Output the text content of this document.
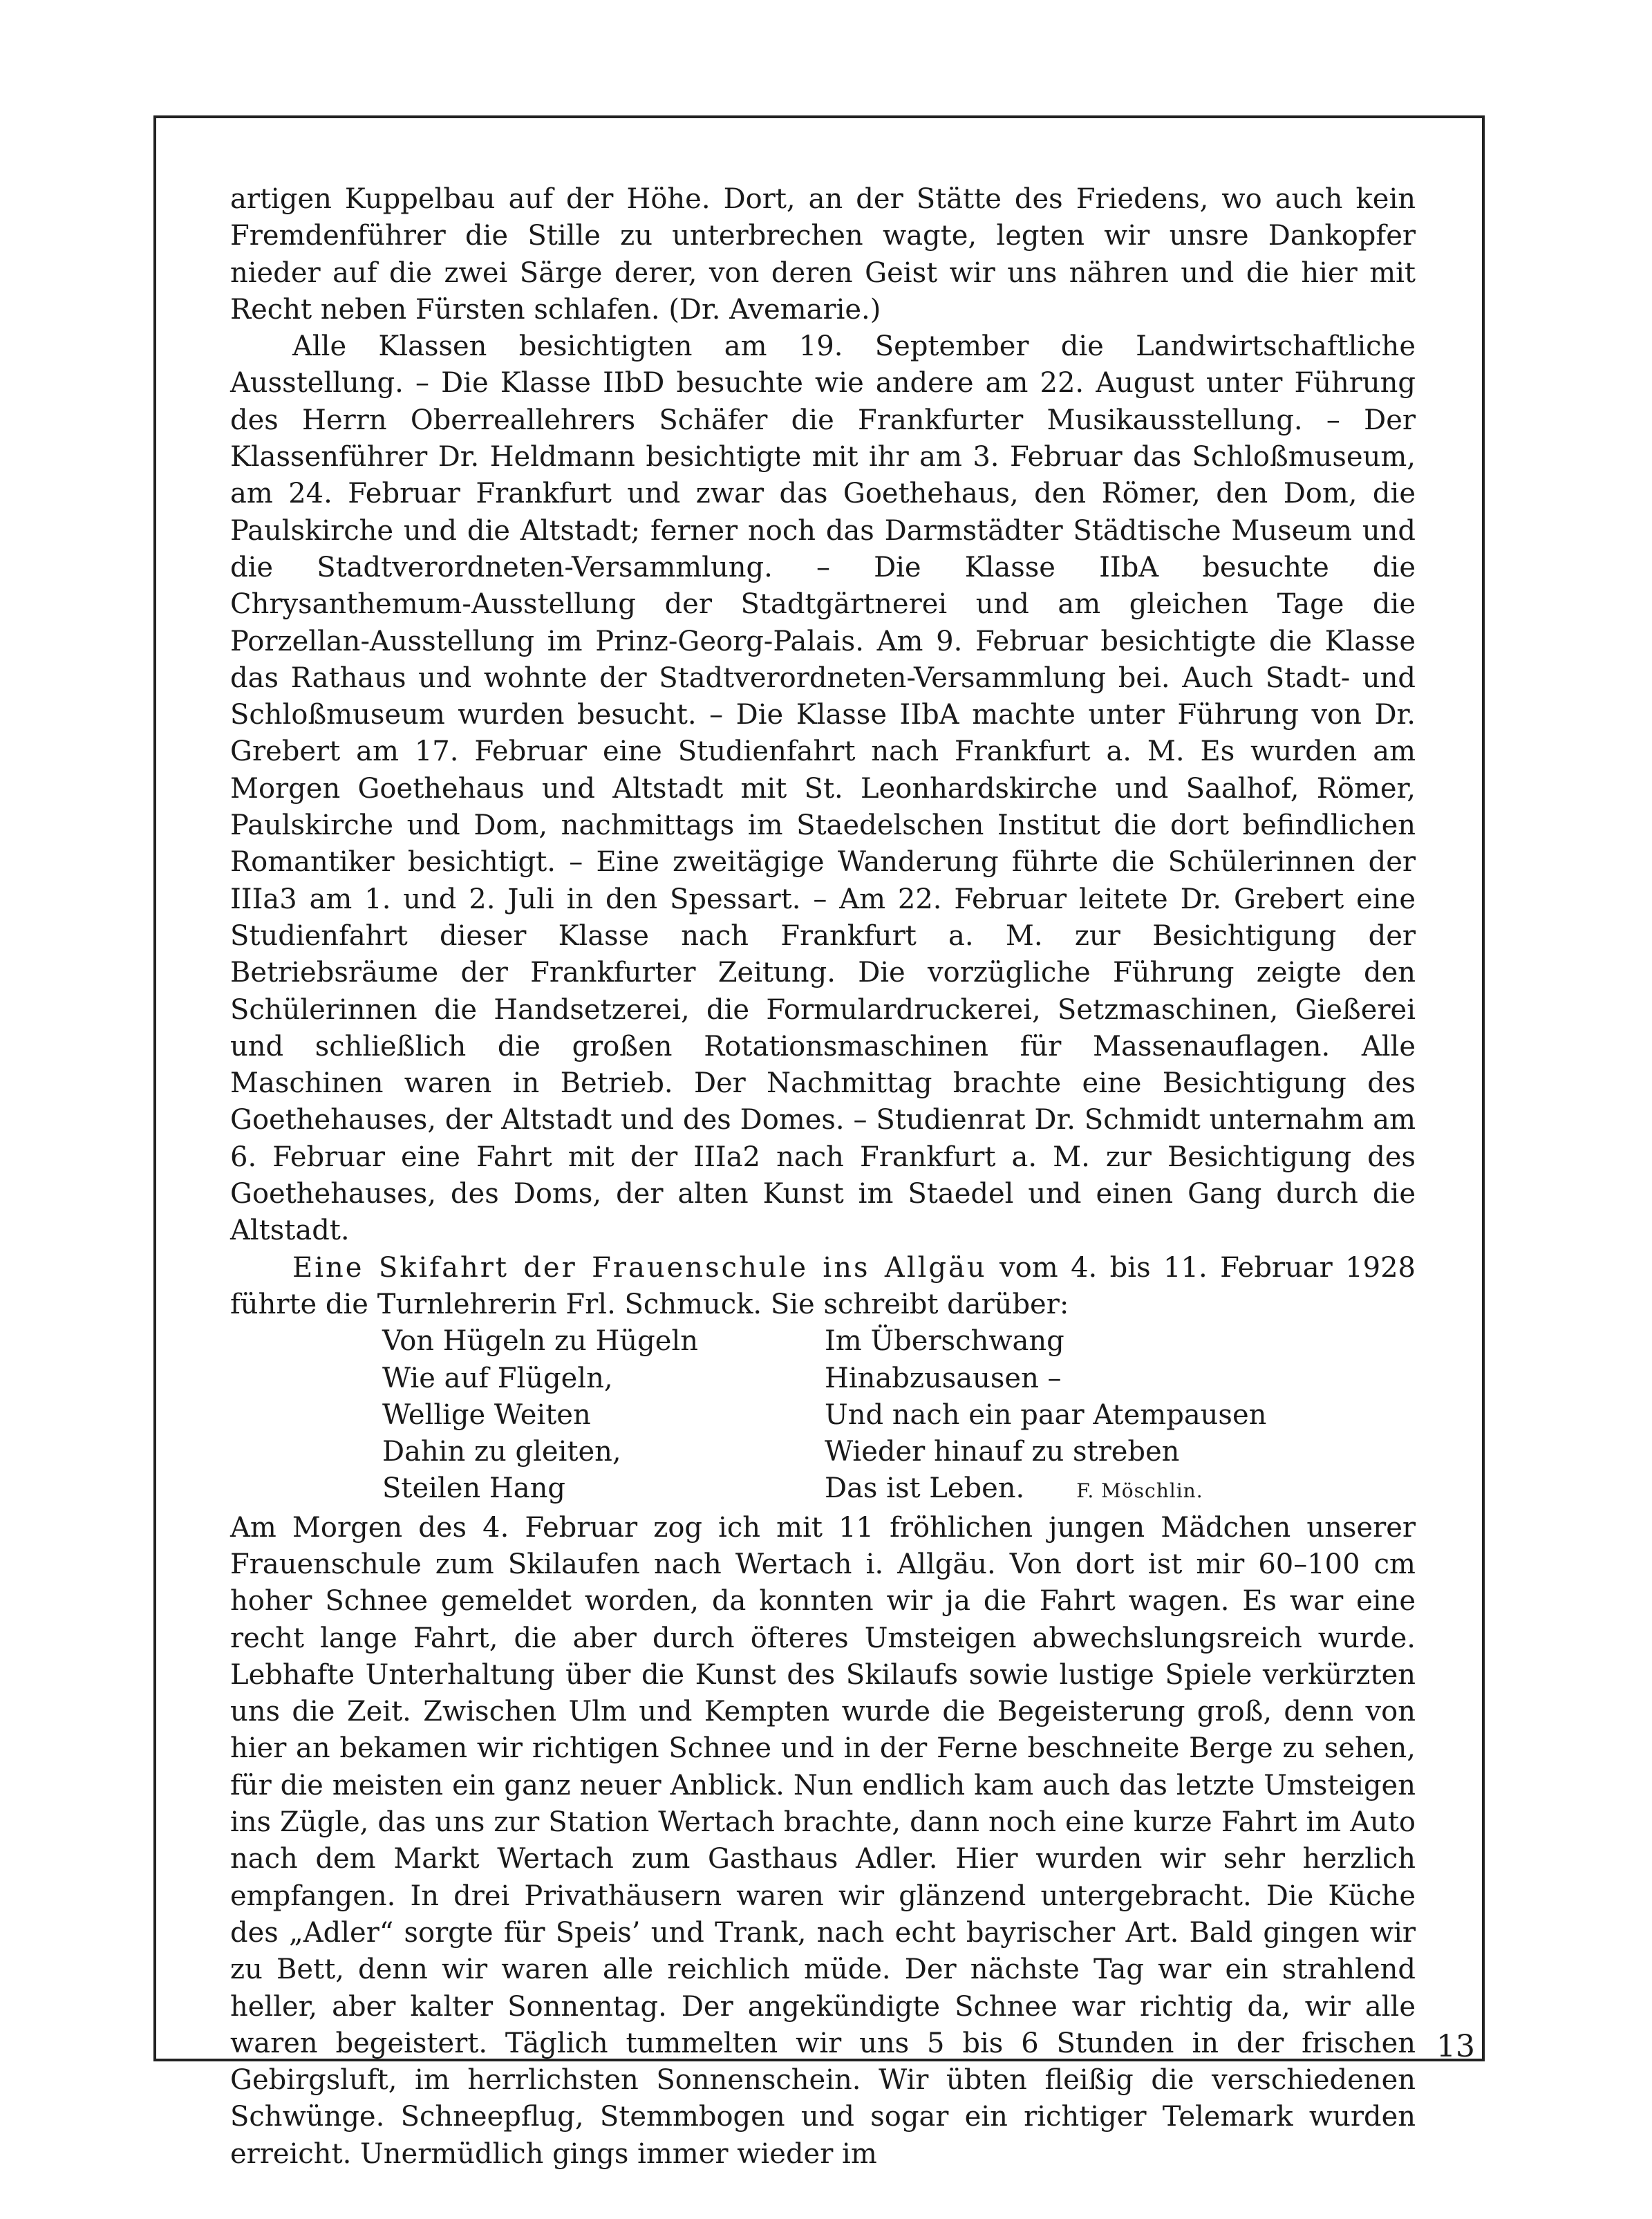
artigen Kuppelbau auf der Höhe. Dort, an der Stätte des Friedens, wo auch kein Fremdenführer die Stille zu unterbrechen wagte, legten wir unsre Dankopfer nieder auf die zwei Särge derer, von deren Geist wir uns nähren und die hier mit Recht neben Fürsten schlafen. (Dr. Avemarie.)

Alle Klassen besichtigten am 19. September die Landwirtschaftliche Ausstellung. – Die Klasse IIbD besuchte wie andere am 22. August unter Führung des Herrn Oberreallehrers Schäfer die Frankfurter Musikausstellung. – Der Klassenführer Dr. Heldmann besichtigte mit ihr am 3. Februar das Schloßmuseum, am 24. Februar Frankfurt und zwar das Goethehaus, den Römer, den Dom, die Paulskirche und die Altstadt; ferner noch das Darmstädter Städtische Museum und die Stadtverordneten-Versammlung. – Die Klasse IIbA besuchte die Chrysanthemum-Ausstellung der Stadtgärtnerei und am gleichen Tage die Porzellan-Ausstellung im Prinz-Georg-Palais. Am 9. Februar besichtigte die Klasse das Rathaus und wohnte der Stadtverordneten-Versammlung bei. Auch Stadt- und Schloßmuseum wurden besucht. – Die Klasse IIbA machte unter Führung von Dr. Grebert am 17. Februar eine Studienfahrt nach Frankfurt a. M. Es wurden am Morgen Goethehaus und Altstadt mit St. Leonhardskirche und Saalhof, Römer, Paulskirche und Dom, nachmittags im Staedelschen Institut die dort befindlichen Romantiker besichtigt. – Eine zweitägige Wanderung führte die Schülerinnen der IIIa3 am 1. und 2. Juli in den Spessart. – Am 22. Februar leitete Dr. Grebert eine Studienfahrt dieser Klasse nach Frankfurt a. M. zur Besichtigung der Betriebsräume der Frankfurter Zeitung. Die vorzügliche Führung zeigte den Schülerinnen die Handsetzerei, die Formulardruckerei, Setzmaschinen, Gießerei und schließlich die großen Rotationsmaschinen für Massenauflagen. Alle Maschinen waren in Betrieb. Der Nachmittag brachte eine Besichtigung des Goethehauses, der Altstadt und des Domes. – Studienrat Dr. Schmidt unternahm am 6. Februar eine Fahrt mit der IIIa2 nach Frankfurt a. M. zur Besichtigung des Goethehauses, des Doms, der alten Kunst im Staedel und einen Gang durch die Altstadt.

Eine Skifahrt der Frauenschule ins Allgäu vom 4. bis 11. Februar 1928 führte die Turnlehrerin Frl. Schmuck. Sie schreibt darüber:

Von Hügeln zu Hügeln
Wie auf Flügeln,
Wellige Weiten
Dahin zu gleiten,
Steilen Hang
Im Überschwang
Hinabzusausen –
Und nach ein paar Atempausen
Wieder hinauf zu streben
Das ist Leben.	F. Möschlin.

Am Morgen des 4. Februar zog ich mit 11 fröhlichen jungen Mädchen unserer Frauenschule zum Skilaufen nach Wertach i. Allgäu. Von dort ist mir 60–100 cm hoher Schnee gemeldet worden, da konnten wir ja die Fahrt wagen. Es war eine recht lange Fahrt, die aber durch öfteres Umsteigen abwechslungsreich wurde. Lebhafte Unterhaltung über die Kunst des Skilaufs sowie lustige Spiele verkürzten uns die Zeit. Zwischen Ulm und Kempten wurde die Begeisterung groß, denn von hier an bekamen wir richtigen Schnee und in der Ferne beschneite Berge zu sehen, für die meisten ein ganz neuer Anblick. Nun endlich kam auch das letzte Umsteigen ins Zügle, das uns zur Station Wertach brachte, dann noch eine kurze Fahrt im Auto nach dem Markt Wertach zum Gasthaus Adler. Hier wurden wir sehr herzlich empfangen. In drei Privathäusern waren wir glänzend untergebracht. Die Küche des „Adler“ sorgte für Speis’ und Trank, nach echt bayrischer Art. Bald gingen wir zu Bett, denn wir waren alle reichlich müde. Der nächste Tag war ein strahlend heller, aber kalter Sonnentag. Der angekündigte Schnee war richtig da, wir alle waren begeistert. Täglich tummelten wir uns 5 bis 6 Stunden in der frischen Gebirgsluft, im herrlichsten Sonnenschein. Wir übten fleißig die verschiedenen Schwünge. Schneepflug, Stemmbogen und sogar ein richtiger Telemark wurden erreicht. Unermüdlich gings immer wieder im

13
